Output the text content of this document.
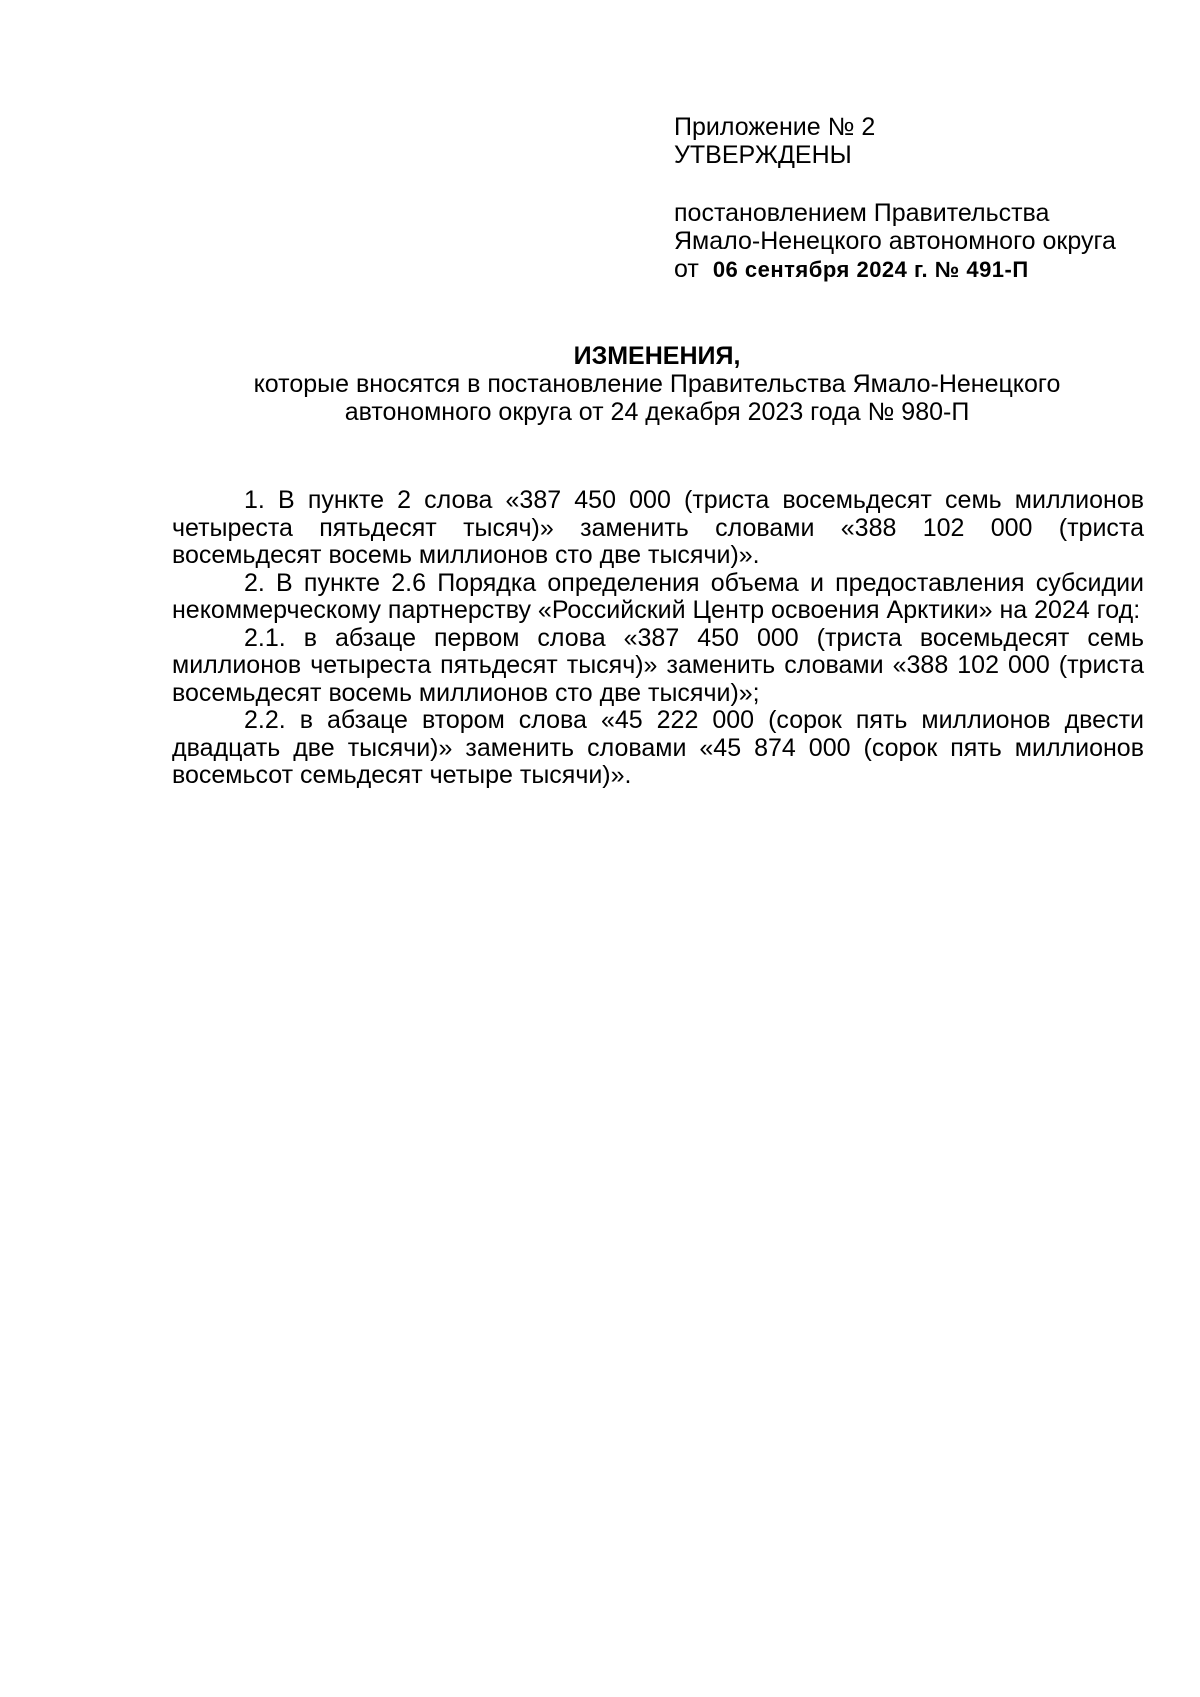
Приложение № 2
УТВЕРЖДЕНЫ
постановлением Правительства
Ямало-Ненецкого автономного округа
от 06 сентября 2024 г. № 491-П
ИЗМЕНЕНИЯ,
которые вносятся в постановление Правительства Ямало-Ненецкого
автономного округа от 24 декабря 2023 года № 980-П

1. В пункте 2 слова «387 450 000 (триста восемьдесят семь миллионов четыреста пятьдесят тысяч)» заменить словами «388 102 000 (триста восемьдесят восемь миллионов сто две тысячи)».

2. В пункте 2.6 Порядка определения объема и предоставления субсидии некоммерческому партнерству «Российский Центр освоения Арктики» на 2024 год:

2.1. в абзаце первом слова «387 450 000 (триста восемьдесят семь миллионов четыреста пятьдесят тысяч)» заменить словами «388 102 000 (триста восемьдесят восемь миллионов сто две тысячи)»;

2.2. в абзаце втором слова «45 222 000 (сорок пять миллионов двести двадцать две тысячи)» заменить словами «45 874 000 (сорок пять миллионов восемьсот семьдесят четыре тысячи)».
